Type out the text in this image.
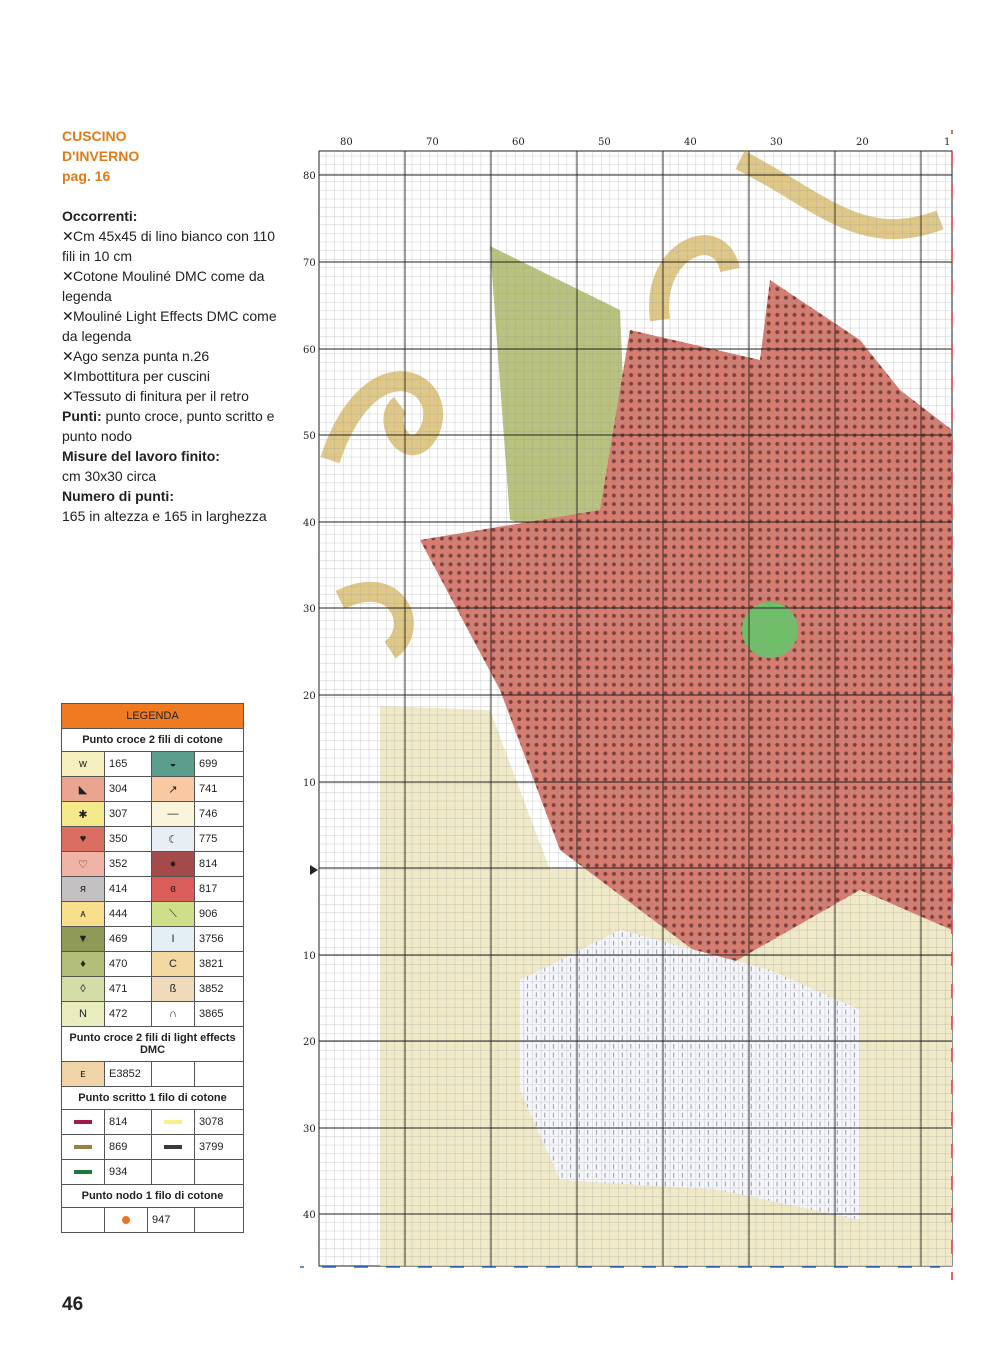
CUSCINO
D'INVERNO
pag. 16

Occorrenti:

✕Cm 45x45 di lino bianco con 110 fili in 10 cm

✕Cotone Mouliné DMC come da legenda

✕Mouliné Light Effects DMC come da legenda

✕Ago senza punta n.26

✕Imbottitura per cuscini

✕Tessuto di finitura per il retro

Punti: punto croce, punto scritto e punto nodo

Misure del lavoro finito:

cm 30x30 circa

Numero di punti:

165 in altezza e 165 in larghezza

LEGENDA
Punto croce 2 fili di cotone
w	165	◒	699
◣	304	↗	741
✱	307	—	746
♥	350	☾	775
♡	352	●	814
ᴙ	414	ɞ	817
ᴀ	444	⟍	906
▼	469	I	3756
♦	470	C	3821
◊	471	ß	3852
N	472	∩	3865
Punto croce 2 fili di light effects DMC
ᴇ	E3852
Punto scritto 1 filo di cotone
814	3078
869	3799
934
Punto nodo 1 filo di cotone
947
46
80	70	60	50	40	30	20	1
80
70
60
50
40
30
20
10
10
20
30
40
